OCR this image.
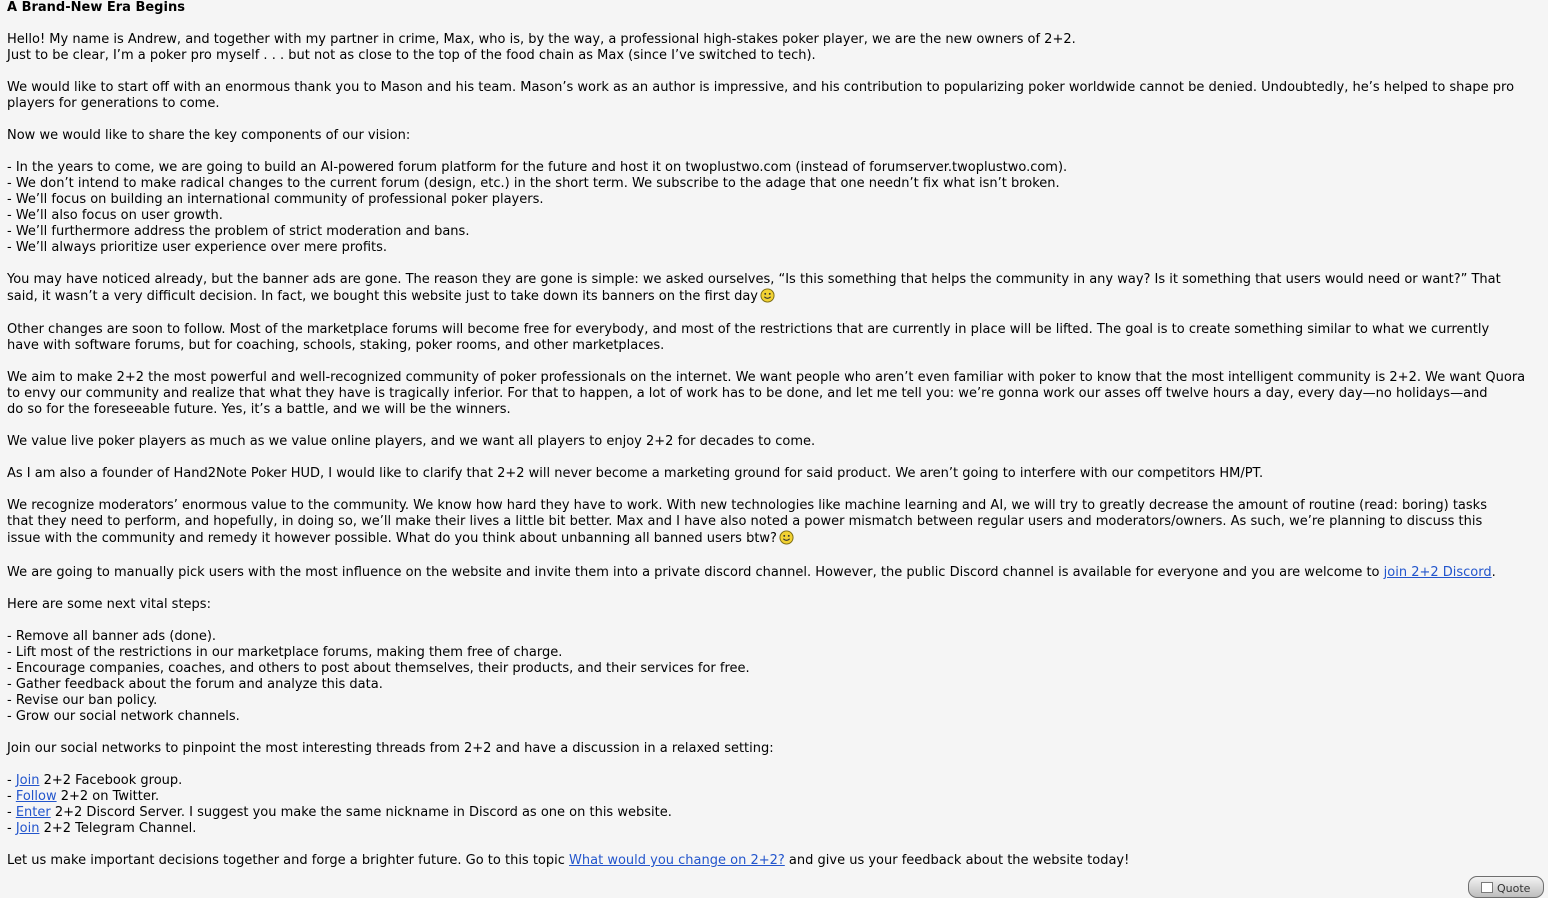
A Brand-New Era Begins
Hello! My name is Andrew, and together with my partner in crime, Max, who is, by the way, a professional high-stakes poker player, we are the new owners of 2+2.
Just to be clear, I’m a poker pro myself . . . but not as close to the top of the food chain as Max (since I’ve switched to tech).
We would like to start off with an enormous thank you to Mason and his team. Mason’s work as an author is impressive, and his contribution to popularizing poker worldwide cannot be denied. Undoubtedly, he’s helped to shape pro
players for generations to come.
Now we would like to share the key components of our vision:
- In the years to come, we are going to build an AI-powered forum platform for the future and host it on twoplustwo.com (instead of forumserver.twoplustwo.com).
- We don’t intend to make radical changes to the current forum (design, etc.) in the short term. We subscribe to the adage that one needn’t fix what isn’t broken.
- We’ll focus on building an international community of professional poker players.
- We’ll also focus on user growth.
- We’ll furthermore address the problem of strict moderation and bans.
- We’ll always prioritize user experience over mere profits.
You may have noticed already, but the banner ads are gone. The reason they are gone is simple: we asked ourselves, “Is this something that helps the community in any way? Is it something that users would need or want?” That
said, it wasn’t a very difficult decision. In fact, we bought this website just to take down its banners on the first day
Other changes are soon to follow. Most of the marketplace forums will become free for everybody, and most of the restrictions that are currently in place will be lifted. The goal is to create something similar to what we currently
have with software forums, but for coaching, schools, staking, poker rooms, and other marketplaces.
We aim to make 2+2 the most powerful and well-recognized community of poker professionals on the internet. We want people who aren’t even familiar with poker to know that the most intelligent community is 2+2. We want Quora
to envy our community and realize that what they have is tragically inferior. For that to happen, a lot of work has to be done, and let me tell you: we’re gonna work our asses off twelve hours a day, every day—no holidays—and
do so for the foreseeable future. Yes, it’s a battle, and we will be the winners.
We value live poker players as much as we value online players, and we want all players to enjoy 2+2 for decades to come.
As I am also a founder of Hand2Note Poker HUD, I would like to clarify that 2+2 will never become a marketing ground for said product. We aren’t going to interfere with our competitors HM/PT.
We recognize moderators’ enormous value to the community. We know how hard they have to work. With new technologies like machine learning and AI, we will try to greatly decrease the amount of routine (read: boring) tasks
that they need to perform, and hopefully, in doing so, we’ll make their lives a little bit better. Max and I have also noted a power mismatch between regular users and moderators/owners. As such, we’re planning to discuss this
issue with the community and remedy it however possible. What do you think about unbanning all banned users btw?
We are going to manually pick users with the most influence on the website and invite them into a private discord channel. However, the public Discord channel is available for everyone and you are welcome to join 2+2 Discord.
Here are some next vital steps:
- Remove all banner ads (done).
- Lift most of the restrictions in our marketplace forums, making them free of charge.
- Encourage companies, coaches, and others to post about themselves, their products, and their services for free.
- Gather feedback about the forum and analyze this data.
- Revise our ban policy.
- Grow our social network channels.
Join our social networks to pinpoint the most interesting threads from 2+2 and have a discussion in a relaxed setting:
- Join 2+2 Facebook group.
- Follow 2+2 on Twitter.
- Enter 2+2 Discord Server. I suggest you make the same nickname in Discord as one on this website.
- Join 2+2 Telegram Channel.
Let us make important decisions together and forge a brighter future. Go to this topic What would you change on 2+2? and give us your feedback about the website today!
Quote
